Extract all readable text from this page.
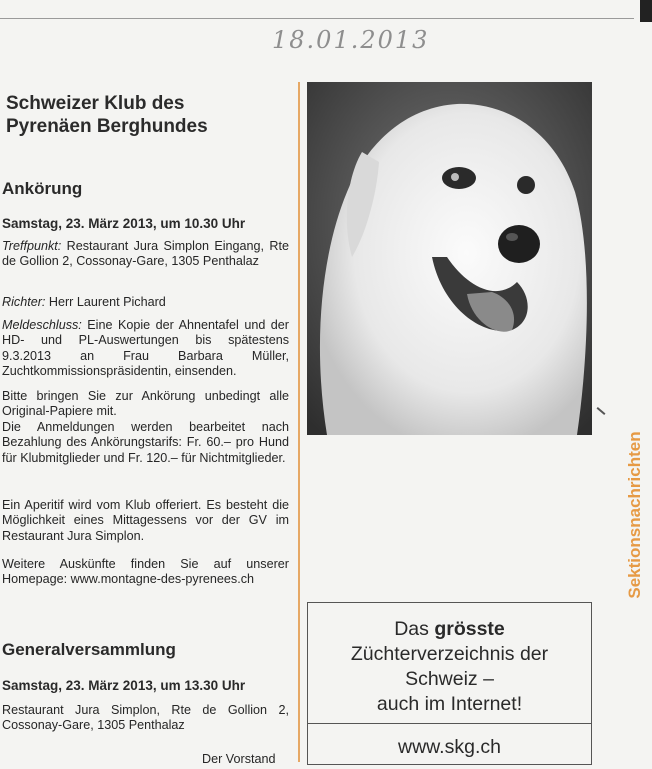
18.01.2013
Schweizer Klub des
Pyrenäen Berghundes
Ankörung
Samstag, 23. März 2013, um 10.30 Uhr
Treffpunkt: Restaurant Jura Simplon Eingang, Rte de Gollion 2, Cossonay-Gare, 1305 Penthalaz
Richter: Herr Laurent Pichard
Meldeschluss: Eine Kopie der Ahnentafel und der HD- und PL-Auswertungen bis spätestens 9.3.2013 an Frau Barbara Müller, Zuchtkommissionspräsidentin, einsenden.
Bitte bringen Sie zur Ankörung unbedingt alle Original-Papiere mit.
Die Anmeldungen werden bearbeitet nach Bezahlung des Ankörungstarifs: Fr. 60.– pro Hund für Klubmitglieder und Fr. 120.– für Nichtmitglieder.
Ein Aperitif wird vom Klub offeriert. Es besteht die Möglichkeit eines Mittagessens vor der GV im Restaurant Jura Simplon.
Weitere Auskünfte finden Sie auf unserer Homepage: www.montagne-des-pyrenees.ch
Generalversammlung
Samstag, 23. März 2013, um 13.30 Uhr
Restaurant Jura Simplon, Rte de Gollion 2, Cossonay-Gare, 1305 Penthalaz
Der Vorstand
Sektionsnachrichten
Das grösste
Züchterverzeichnis der
Schweiz –
auch im Internet!
www.skg.ch
